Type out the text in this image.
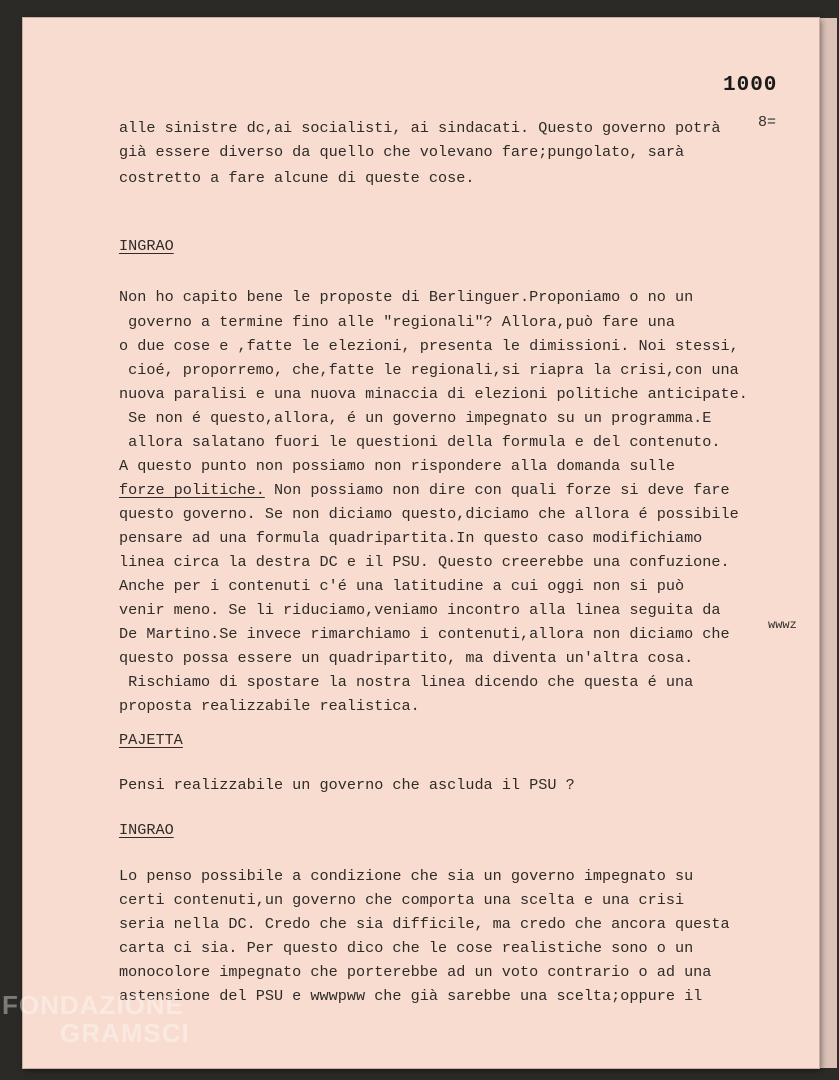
1000
8=
alle sinistre dc,ai socialisti, ai sindacati. Questo governo potrà
già essere diverso da quello che volevano fare;pungolato, sarà
costretto a fare alcune di queste cose.
INGRAO
Non ho capito bene le proposte di Berlinguer.Proponiamo o no un
governo a termine fino alle "regionali"? Allora,può fare una
o due cose e ,fatte le elezioni, presenta le dimissioni. Noi stessi,
cioé, proporremo, che,fatte le regionali,si riapra la crisi,con una
nuova paralisi e una nuova minaccia di elezioni politiche anticipate.
Se non é questo,allora, é un governo impegnato su un programma.E
allora salatano fuori le questioni della formula e del contenuto.
A questo punto non possiamo non rispondere alla domanda sulle
forze politiche. Non possiamo non dire con quali forze si deve fare
questo governo. Se non diciamo questo,diciamo che allora é possibile
pensare ad una formula quadripartita.In questo caso modifichiamo
linea circa la destra DC e il PSU. Questo creerebbe una confuzione.
Anche per i contenuti c'é una latitudine a cui oggi non si può
venir meno. Se li riduciamo,veniamo incontro alla linea seguita da
De Martino.Se invece rimarchiamo i contenuti,allora non diciamo che
questo possa essere un quadripartito, ma diventa un'altra cosa.
Rischiamo di spostare la nostra linea dicendo che questa é una
proposta realizzabile realistica.
PAJETTA
Pensi realizzabile un governo che ascluda il PSU ?
INGRAO
Lo penso possibile a condizione che sia un governo impegnato su
certi contenuti,un governo che comporta una scelta e una crisi
seria nella DC. Credo che sia difficile, ma credo che ancora questa
carta ci sia. Per questo dico che le cose realistiche sono o un
monocolore impegnato che porterebbe ad un voto contrario o ad una
astensione del PSU e wwwpww che già sarebbe una scelta;oppure il
wwwz
FONDAZIONE
GRAMSCI
